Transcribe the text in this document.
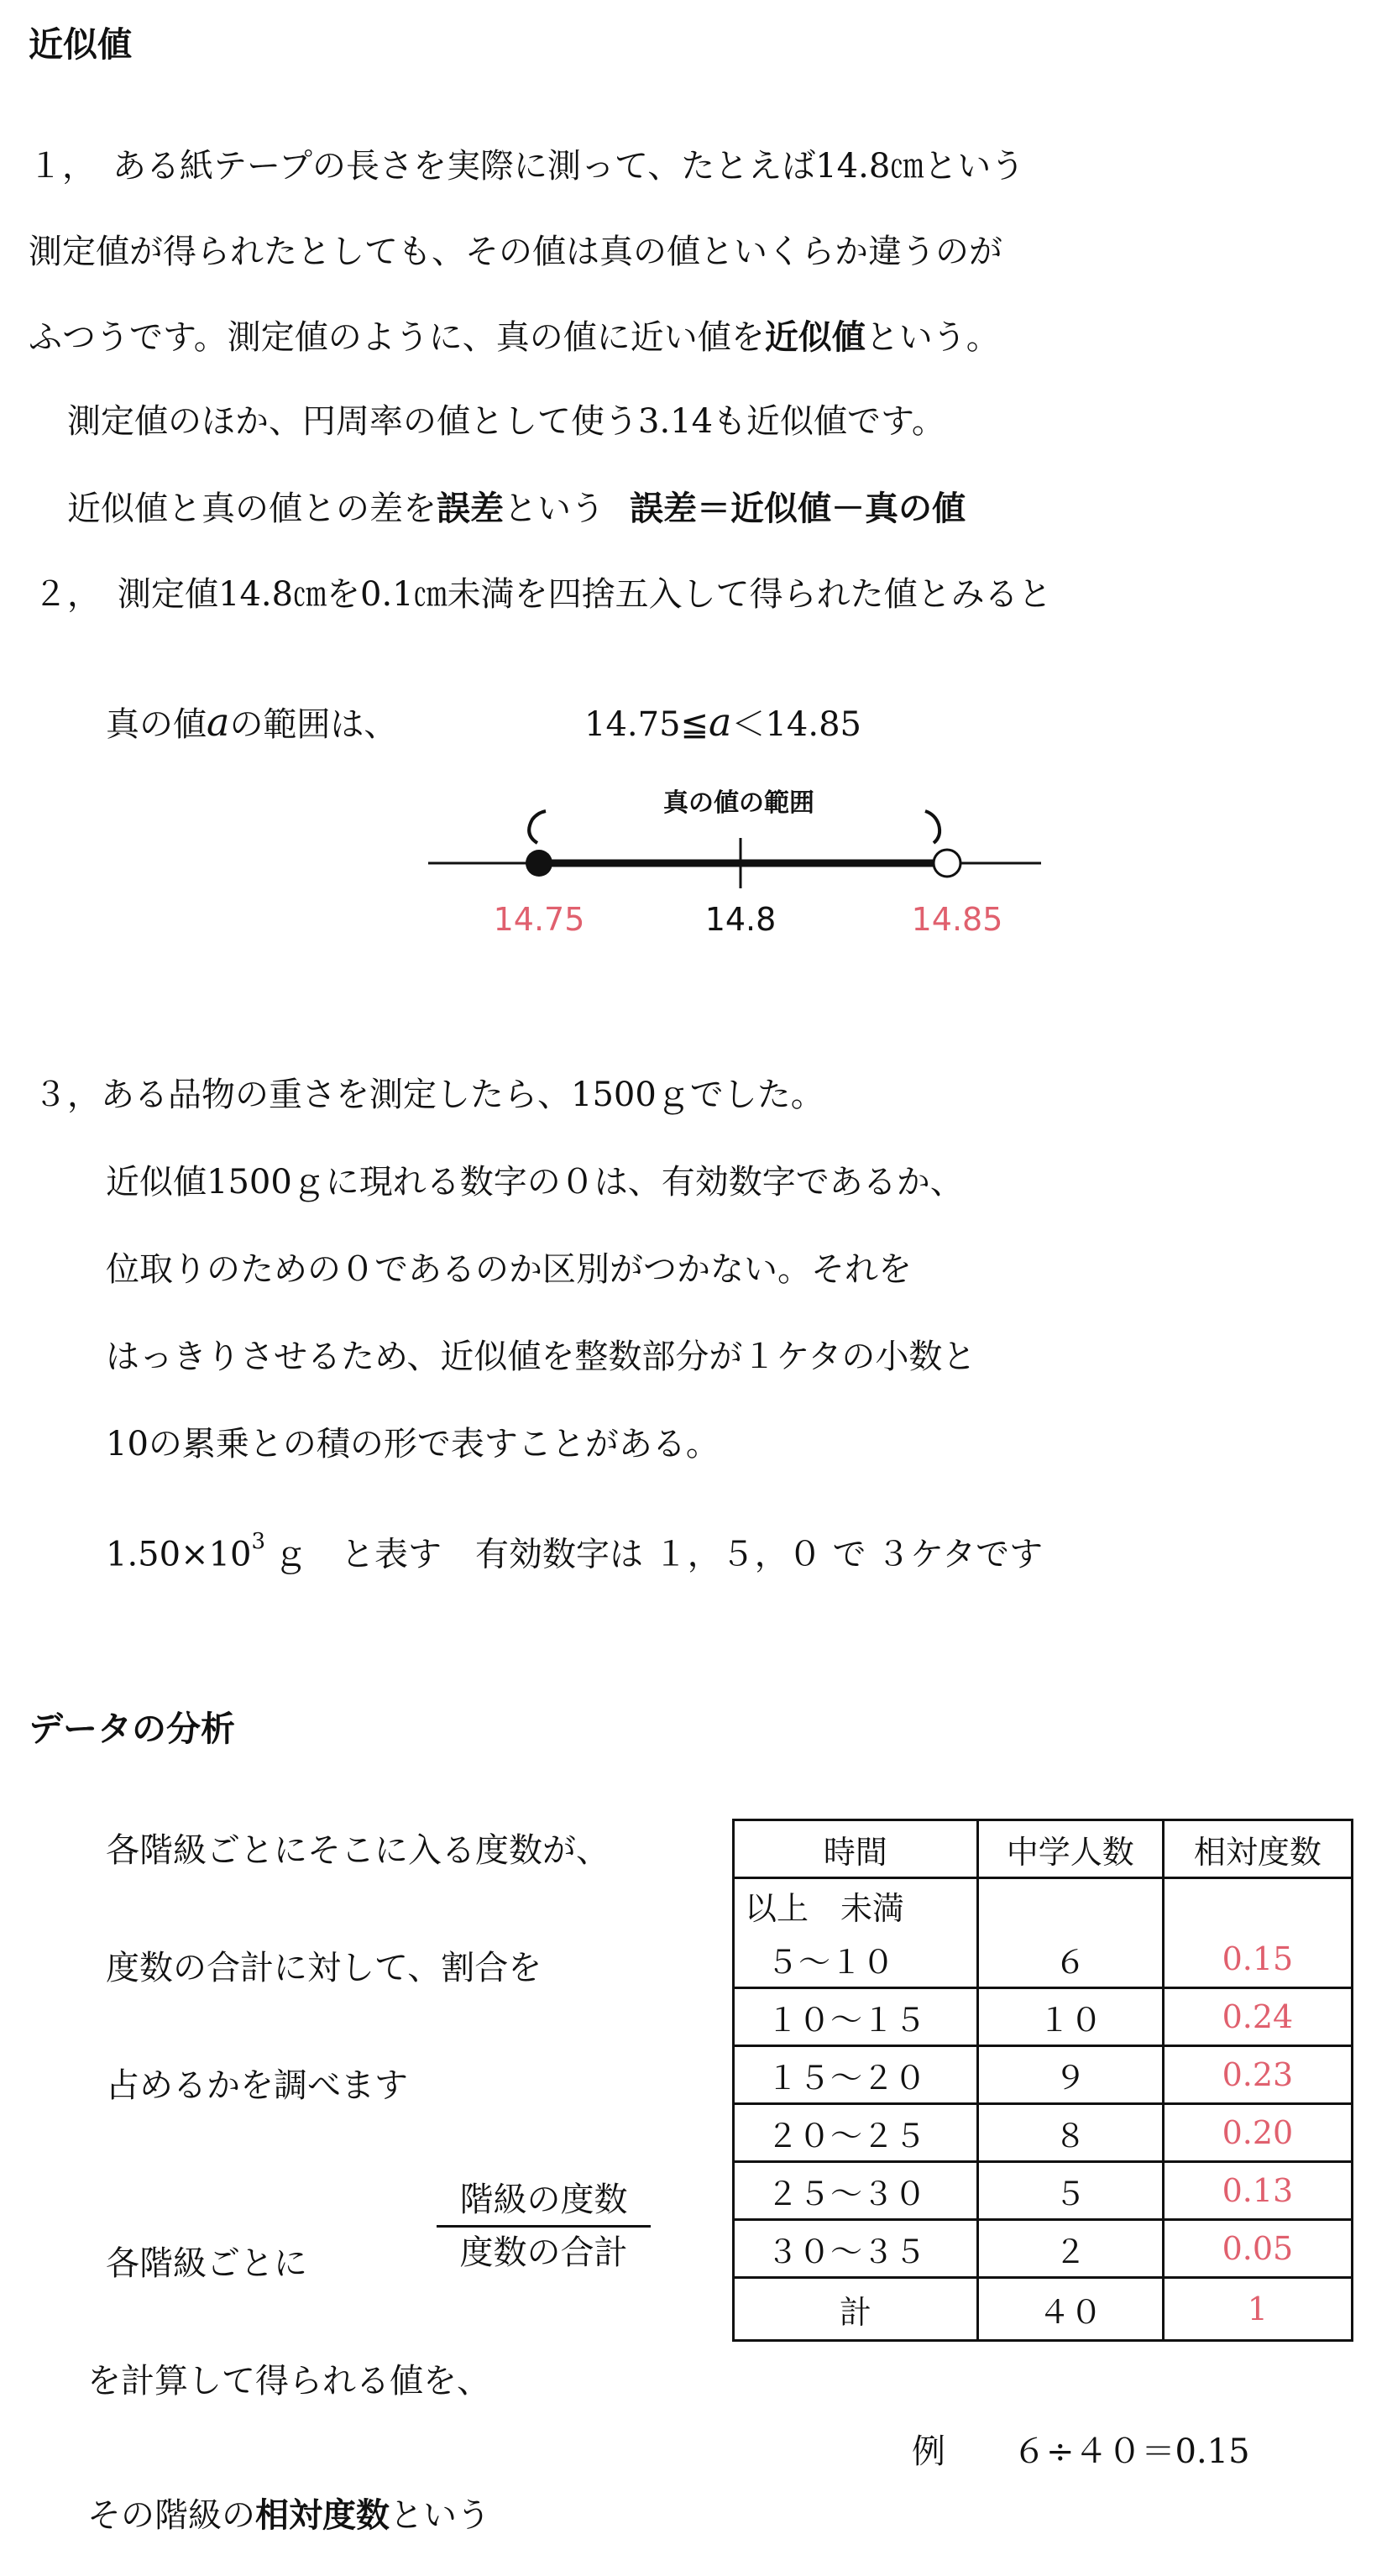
近似値
１，　ある紙テープの長さを実際に測って、たとえば14.8㎝という
測定値が得られたとしても、その値は真の値といくらか違うのが
ふつうです。測定値のように、真の値に近い値を近似値という。
測定値のほか、円周率の値として使う3.14も近似値です。
近似値と真の値との差を誤差という 誤差＝近似値－真の値
２，　測定値14.8㎝を0.1㎝未満を四捨五入して得られた値とみると
真の値aの範囲は、	14.75≦a＜14.85
真の値の範囲
14.75	14.8	14.85
３，ある品物の重さを測定したら、1500ｇでした。
近似値1500ｇに現れる数字の０は、有効数字であるか、
位取りのための０であるのか区別がつかない。それを
はっきりさせるため、近似値を整数部分が１ケタの小数と
10の累乗との積の形で表すことがある。
$1.50\times 10^3$ ｇ　と表す　有効数字は １，５，０ で ３ケタです
データの分析
各階級ごとにそこに入る度数が、
度数の合計に対して、割合を
占めるかを調べます
各階級ごとに
階級の度数
度数の合計
を計算して得られる値を、
例　　６÷４０＝0.15
その階級の相対度数という
時間	中学人数	相対度数
以上　未満		
５～１０	６	0.15
１０～１５	１０	0.24
１５～２０	９	0.23
２０～２５	８	0.20
２５～３０	５	0.13
３０～３５	２	0.05
計	４０	1
